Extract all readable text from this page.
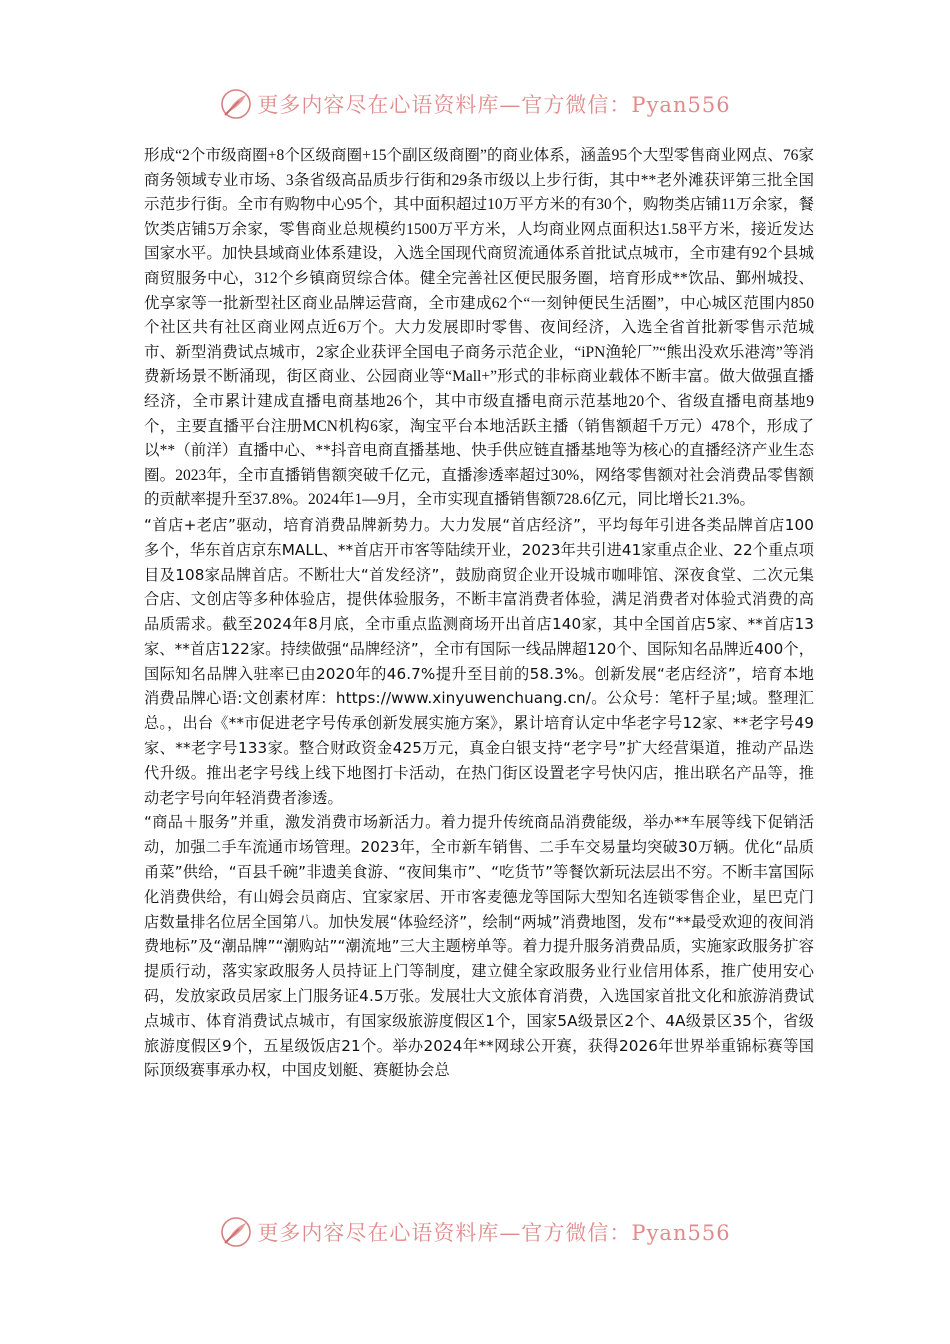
更多内容尽在心语资料库—官方微信：Pyan556

形成“2个市级商圈+8个区级商圈+15个副区级商圈”的商业体系，涵盖95个大型零售商业网点、76家商务领域专业市场、3条省级高品质步行街和29条市级以上步行街，其中**老外滩获评第三批全国示范步行街。全市有购物中心95个，其中面积超过10万平方米的有30个，购物类店铺11万余家，餐饮类店铺5万余家，零售商业总规模约1500万平方米，人均商业网点面积达1.58平方米，接近发达国家水平。加快县域商业体系建设，入选全国现代商贸流通体系首批试点城市，全市建有92个县城商贸服务中心，312个乡镇商贸综合体。健全完善社区便民服务圈，培育形成**饮品、鄞州城投、优享家等一批新型社区商业品牌运营商，全市建成62个“一刻钟便民生活圈”，中心城区范围内850个社区共有社区商业网点近6万个。大力发展即时零售、夜间经济，入选全省首批新零售示范城市、新型消费试点城市，2家企业获评全国电子商务示范企业，“iPN渔轮厂”“熊出没欢乐港湾”等消费新场景不断涌现，街区商业、公园商业等“Mall+”形式的非标商业载体不断丰富。做大做强直播经济，全市累计建成直播电商基地26个，其中市级直播电商示范基地20个、省级直播电商基地9个，主要直播平台注册MCN机构6家，淘宝平台本地活跃主播（销售额超千万元）478个，形成了以**（前洋）直播中心、**抖音电商直播基地、快手供应链直播基地等为核心的直播经济产业生态圈。2023年，全市直播销售额突破千亿元，直播渗透率超过30%，网络零售额对社会消费品零售额的贡献率提升至37.8%。2024年1—9月，全市实现直播销售额728.6亿元，同比增长21.3%。

“首店+老店”驱动，培育消费品牌新势力。大力发展“首店经济”，平均每年引进各类品牌首店100多个，华东首店京东MALL、**首店开市客等陆续开业，2023年共引进41家重点企业、22个重点项目及108家品牌首店。不断壮大“首发经济”，鼓励商贸企业开设城市咖啡馆、深夜食堂、二次元集合店、文创店等多种体验店，提供体验服务，不断丰富消费者体验，满足消费者对体验式消费的高品质需求。截至2024年8月底，全市重点监测商场开出首店140家，其中全国首店5家、**首店13家、**首店122家。持续做强“品牌经济”，全市有国际一线品牌超120个、国际知名品牌近400个，国际知名品牌入驻率已由2020年的46.7%提升至目前的58.3%。创新发展“老店经济”，培育本地消费品牌心语:文创素材库：https://www.xinyuwenchuang.cn/。公众号：笔杆子星;域。整理汇总。，出台《**市促进老字号传承创新发展实施方案》，累计培育认定中华老字号12家、**老字号49家、**老字号133家。整合财政资金425万元，真金白银支持“老字号”扩大经营渠道，推动产品迭代升级。推出老字号线上线下地图打卡活动，在热门街区设置老字号快闪店，推出联名产品等，推动老字号向年轻消费者渗透。

“商品＋服务”并重，激发消费市场新活力。着力提升传统商品消费能级，举办**车展等线下促销活动，加强二手车流通市场管理。2023年，全市新车销售、二手车交易量均突破30万辆。优化“品质甬菜”供给，“百县千碗”非遗美食游、“夜间集市”、“吃货节”等餐饮新玩法层出不穷。不断丰富国际化消费供给，有山姆会员商店、宜家家居、开市客麦德龙等国际大型知名连锁零售企业，星巴克门店数量排名位居全国第八。加快发展“体验经济”，绘制“两城”消费地图，发布“**最受欢迎的夜间消费地标”及“潮品牌”“潮购站”“潮流地”三大主题榜单等。着力提升服务消费品质，实施家政服务扩容提质行动，落实家政服务人员持证上门等制度，建立健全家政服务业行业信用体系，推广使用安心码，发放家政员居家上门服务证4.5万张。发展壮大文旅体育消费，入选国家首批文化和旅游消费试点城市、体育消费试点城市，有国家级旅游度假区1个，国家5A级景区2个、4A级景区35个，省级旅游度假区9个，五星级饭店21个。举办2024年**网球公开赛，获得2026年世界举重锦标赛等国际顶级赛事承办权，中国皮划艇、赛艇协会总

更多内容尽在心语资料库—官方微信：Pyan556
